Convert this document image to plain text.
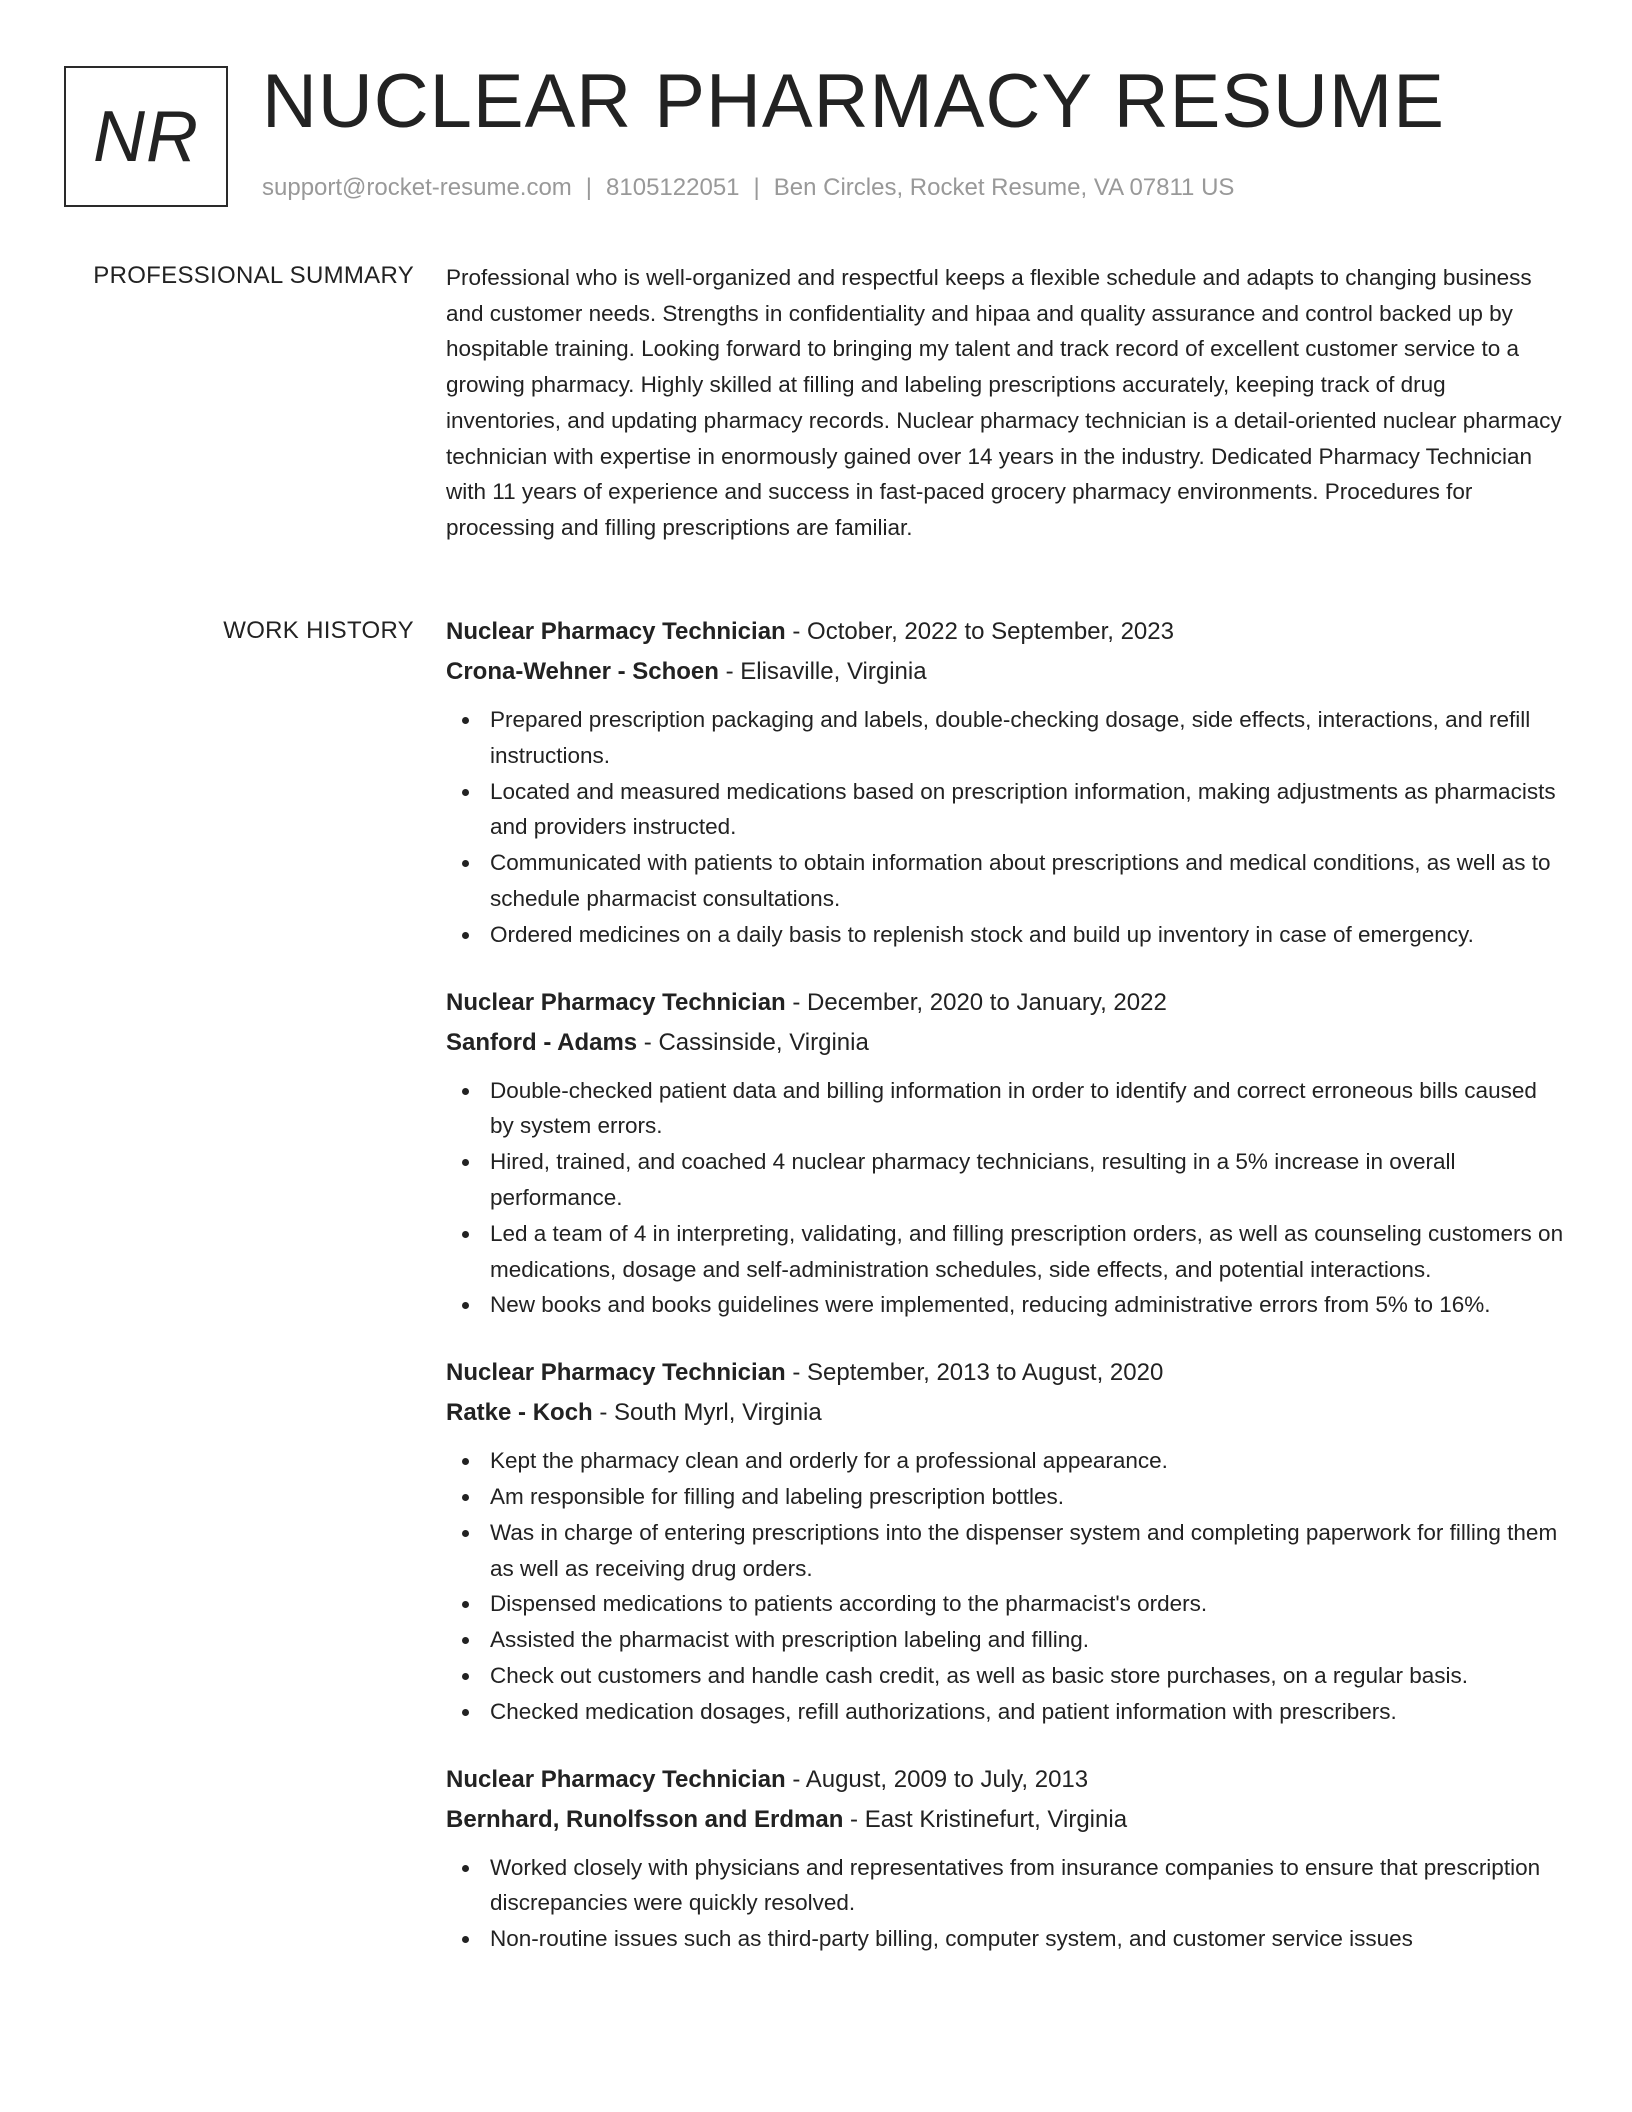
NR NUCLEAR PHARMACY RESUME
support@rocket-resume.com | 8105122051 | Ben Circles, Rocket Resume, VA 07811 US
PROFESSIONAL SUMMARY Professional who is well-organized and respectful keeps a flexible schedule and adapts to changing business and customer needs. Strengths in confidentiality and hipaa and quality assurance and control backed up by hospitable training. Looking forward to bringing my talent and track record of excellent customer service to a growing pharmacy. Highly skilled at filling and labeling prescriptions accurately, keeping track of drug inventories, and updating pharmacy records. Nuclear pharmacy technician is a detail-oriented nuclear pharmacy technician with expertise in enormously gained over 14 years in the industry. Dedicated Pharmacy Technician with 11 years of experience and success in fast-paced grocery pharmacy environments. Procedures for processing and filling prescriptions are familiar.

WORK HISTORY Nuclear Pharmacy Technician - October, 2022 to September, 2023
Crona-Wehner - Schoen - Elisaville, Virginia
Prepared prescription packaging and labels, double-checking dosage, side effects, interactions, and refill instructions.
Located and measured medications based on prescription information, making adjustments as pharmacists and providers instructed.
Communicated with patients to obtain information about prescriptions and medical conditions, as well as to schedule pharmacist consultations.
Ordered medicines on a daily basis to replenish stock and build up inventory in case of emergency.
Nuclear Pharmacy Technician - December, 2020 to January, 2022
Sanford - Adams - Cassinside, Virginia
Double-checked patient data and billing information in order to identify and correct erroneous bills caused by system errors.
Hired, trained, and coached 4 nuclear pharmacy technicians, resulting in a 5% increase in overall performance.
Led a team of 4 in interpreting, validating, and filling prescription orders, as well as counseling customers on medications, dosage and self-administration schedules, side effects, and potential interactions.
New books and books guidelines were implemented, reducing administrative errors from 5% to 16%.
Nuclear Pharmacy Technician - September, 2013 to August, 2020
Ratke - Koch - South Myrl, Virginia
Kept the pharmacy clean and orderly for a professional appearance.
Am responsible for filling and labeling prescription bottles.
Was in charge of entering prescriptions into the dispenser system and completing paperwork for filling them as well as receiving drug orders.
Dispensed medications to patients according to the pharmacist's orders.
Assisted the pharmacist with prescription labeling and filling.
Check out customers and handle cash credit, as well as basic store purchases, on a regular basis.
Checked medication dosages, refill authorizations, and patient information with prescribers.
Nuclear Pharmacy Technician - August, 2009 to July, 2013
Bernhard, Runolfsson and Erdman - East Kristinefurt, Virginia
Worked closely with physicians and representatives from insurance companies to ensure that prescription discrepancies were quickly resolved.
Non-routine issues such as third-party billing, computer system, and customer service issues
